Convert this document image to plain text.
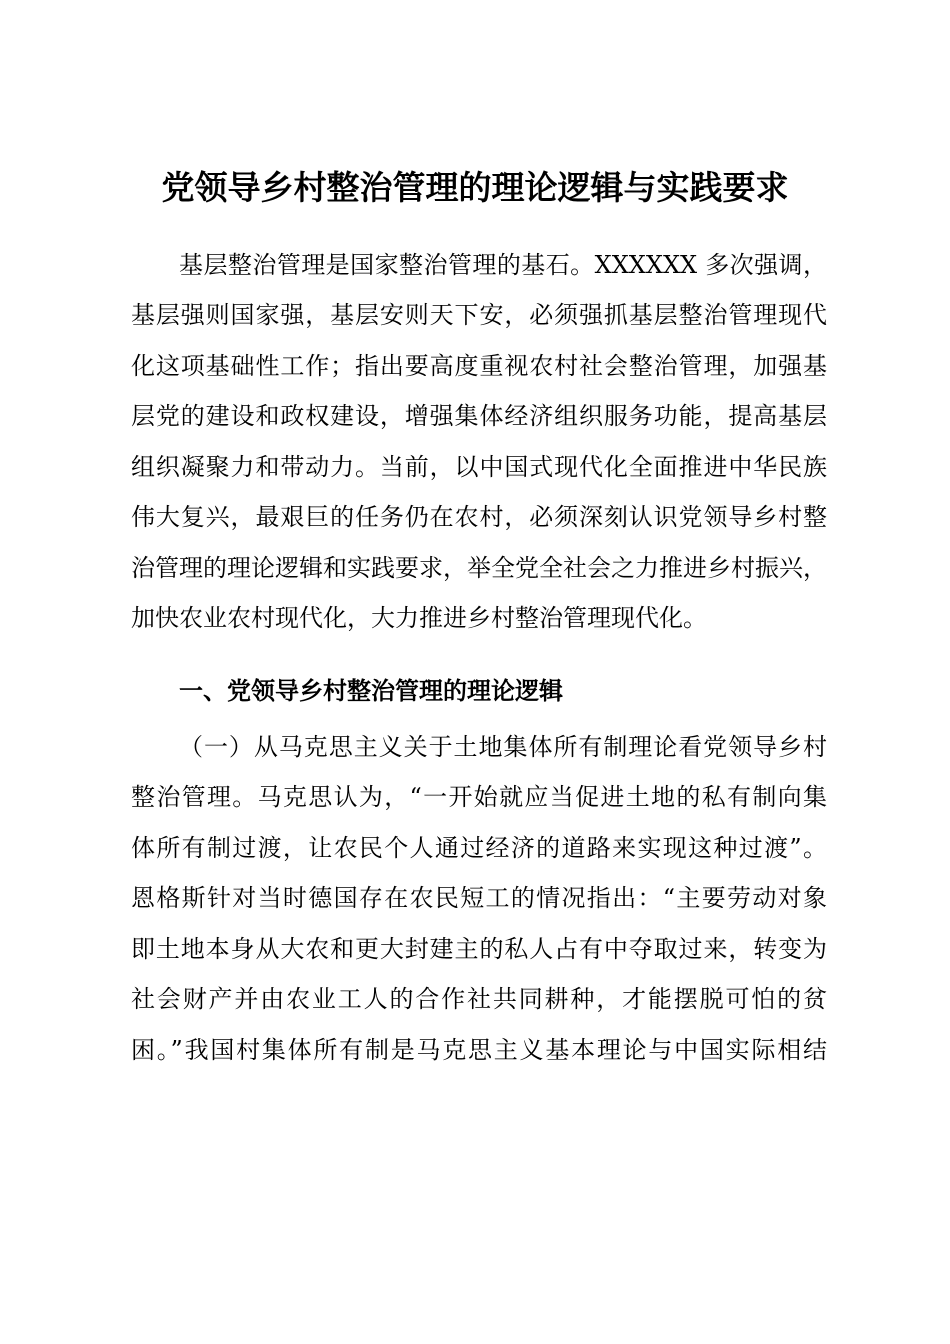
党领导乡村整治管理的理论逻辑与实践要求
基层整治管理是国家整治管理的基石。XXXXXX 多次强调，
基层强则国家强，基层安则天下安，必须强抓基层整治管理现代
化这项基础性工作；指出要高度重视农村社会整治管理，加强基
层党的建设和政权建设，增强集体经济组织服务功能，提高基层
组织凝聚力和带动力。当前，以中国式现代化全面推进中华民族
伟大复兴，最艰巨的任务仍在农村，必须深刻认识党领导乡村整
治管理的理论逻辑和实践要求，举全党全社会之力推进乡村振兴，
加快农业农村现代化，大力推进乡村整治管理现代化。
一、党领导乡村整治管理的理论逻辑
（一）从马克思主义关于土地集体所有制理论看党领导乡村
整治管理。马克思认为，“一开始就应当促进土地的私有制向集
体所有制过渡，让农民个人通过经济的道路来实现这种过渡”。
恩格斯针对当时德国存在农民短工的情况指出：“主要劳动对象
即土地本身从大农和更大封建主的私人占有中夺取过来，转变为
社会财产并由农业工人的合作社共同耕种，才能摆脱可怕的贫
困。”我国村集体所有制是马克思主义基本理论与中国实际相结
